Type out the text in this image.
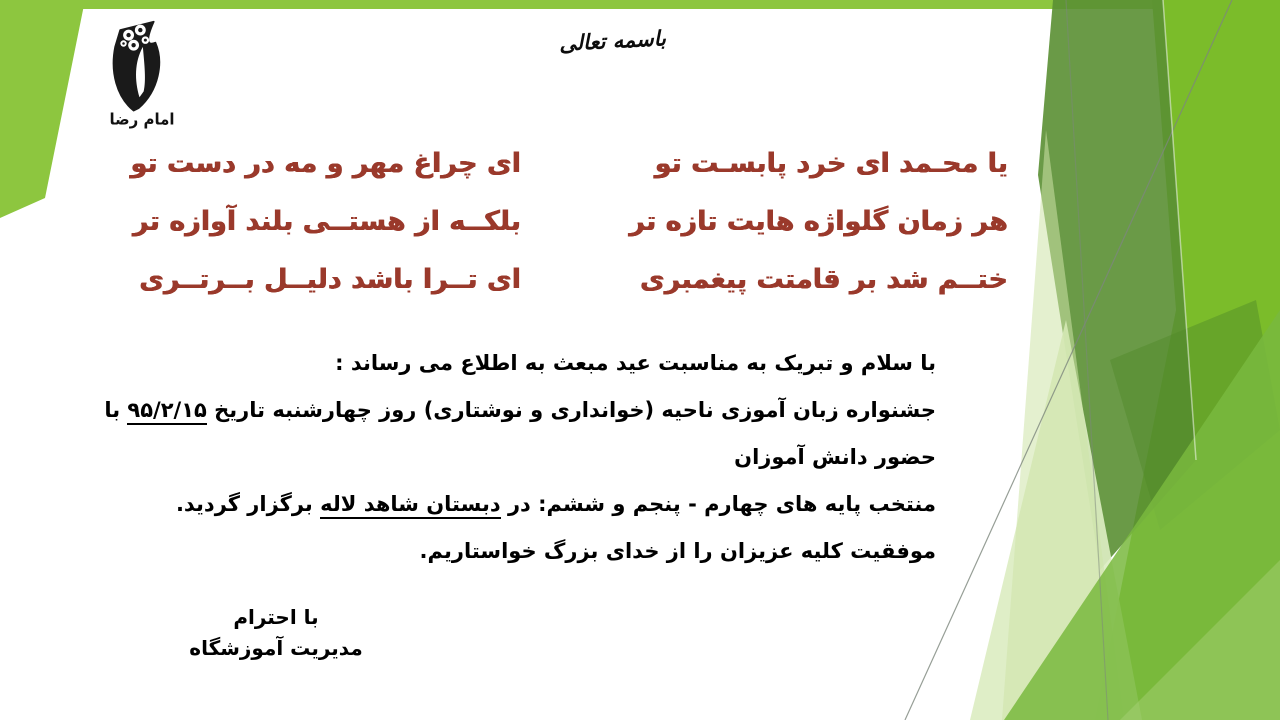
امام رضا
باسمه تعالی
یا محـمد ای خرد پابسـت تو
هر زمان گلواژه هایت تازه تر
ختــم شد بر قامتت پیغمبری
ای چراغ مهر و مه در دست تو
بلکــه از هستــی بلند آوازه تر
ای تــرا باشد دلیــل بــرتــری
با سلام و تبریک به مناسبت عید مبعث به اطلاع می رساند :
جشنواره زبان آموزی ناحیه (خوانداری و نوشتاری) روز چهارشنبه تاریخ ۹۵/۲/۱۵ با حضور دانش آموزان
منتخب پایه های چهارم - پنجم و ششم: در دبستان شاهد لاله برگزار گردید.
موفقیت کلیه عزیزان را از خدای بزرگ خواستاریم.
با احترام
مدیریت آموزشگاه
